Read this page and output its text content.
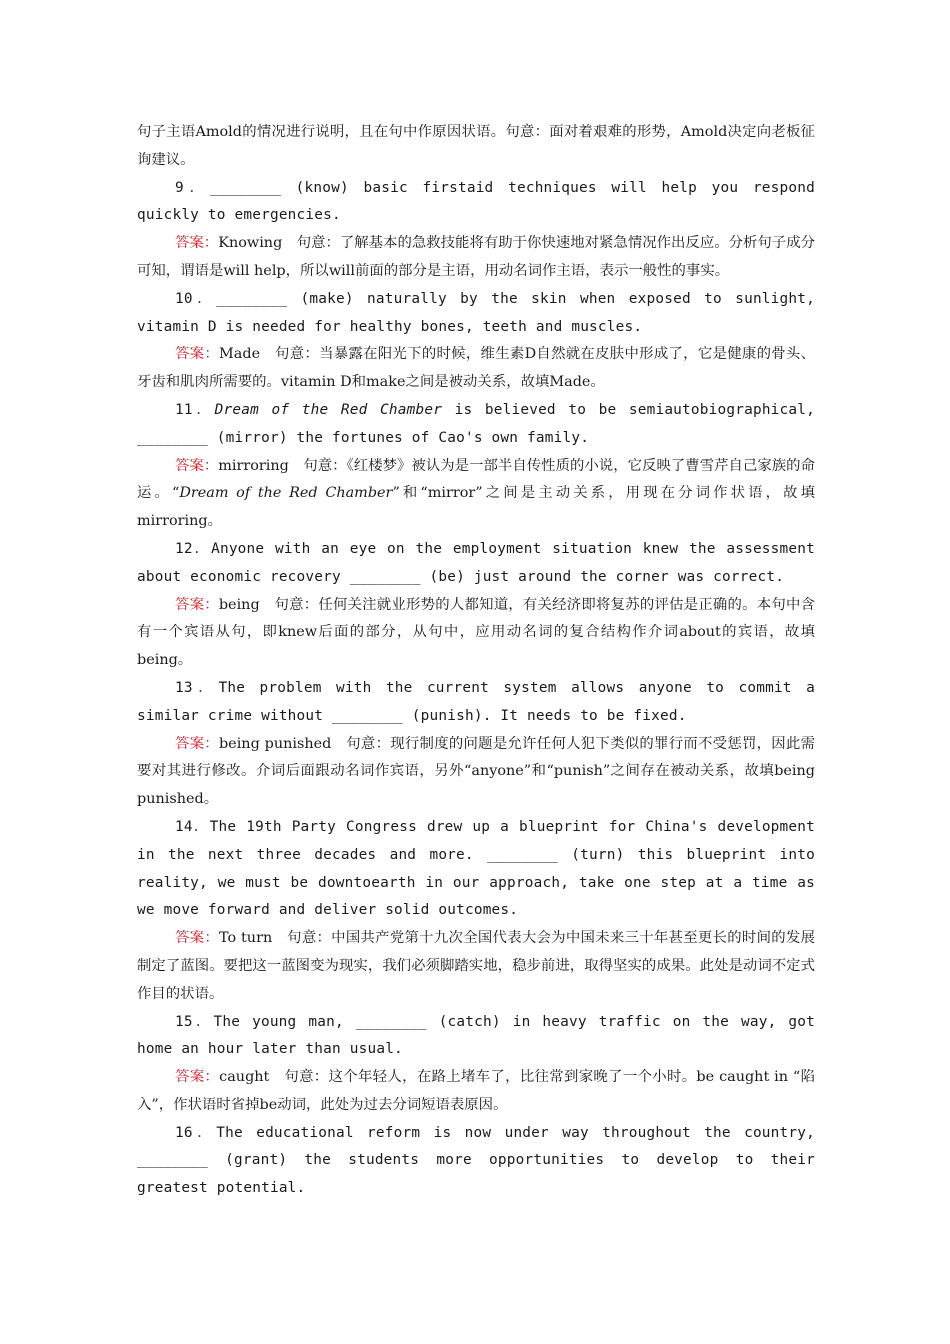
句子主语Amold的情况进行说明，且在句中作原因状语。句意：面对着艰难的形势，Amold决定向老板征询建议。

9．________ (know) basic firstaid techniques will help you respond quickly to emergencies.

答案：Knowing　句意：了解基本的急救技能将有助于你快速地对紧急情况作出反应。分析句子成分可知，谓语是will help，所以will前面的部分是主语，用动名词作主语，表示一般性的事实。

10．________ (make) naturally by the skin when exposed to sunlight, vitamin D is needed for healthy bones, teeth and muscles.

答案：Made　句意：当暴露在阳光下的时候，维生素D自然就在皮肤中形成了，它是健康的骨头、牙齿和肌肉所需要的。vitamin D和make之间是被动关系，故填Made。

11．Dream of the Red Chamber is believed to be semiautobiographical, ________ (mirror) the fortunes of Cao's own family.

答案：mirroring　句意：《红楼梦》被认为是一部半自传性质的小说，它反映了曹雪芹自己家族的命运。“Dream of the Red Chamber”和“mirror”之间是主动关系，用现在分词作状语，故填mirroring。

12．Anyone with an eye on the employment situation knew the assessment about economic recovery ________ (be) just around the corner was correct.

答案：being　句意：任何关注就业形势的人都知道，有关经济即将复苏的评估是正确的。本句中含有一个宾语从句，即knew后面的部分，从句中，应用动名词的复合结构作介词about的宾语，故填being。

13．The problem with the current system allows anyone to commit a similar crime without ________ (punish). It needs to be fixed.

答案：being punished　句意：现行制度的问题是允许任何人犯下类似的罪行而不受惩罚，因此需要对其进行修改。介词后面跟动名词作宾语，另外“anyone”和“punish”之间存在被动关系，故填being punished。

14．The 19th Party Congress drew up a blueprint for China's development in the next three decades and more. ________ (turn) this blueprint into reality, we must be downtoearth in our approach, take one step at a time as we move forward and deliver solid outcomes.

答案：To turn　句意：中国共产党第十九次全国代表大会为中国未来三十年甚至更长的时间的发展制定了蓝图。要把这一蓝图变为现实，我们必须脚踏实地，稳步前进，取得坚实的成果。此处是动词不定式作目的状语。

15．The young man, ________ (catch) in heavy traffic on the way, got home an hour later than usual.

答案：caught　句意：这个年轻人，在路上堵车了，比往常到家晚了一个小时。be caught in “陷入”，作状语时省掉be动词，此处为过去分词短语表原因。

16．The educational reform is now under way throughout the country, ________ (grant) the students more opportunities to develop to their greatest potential.
